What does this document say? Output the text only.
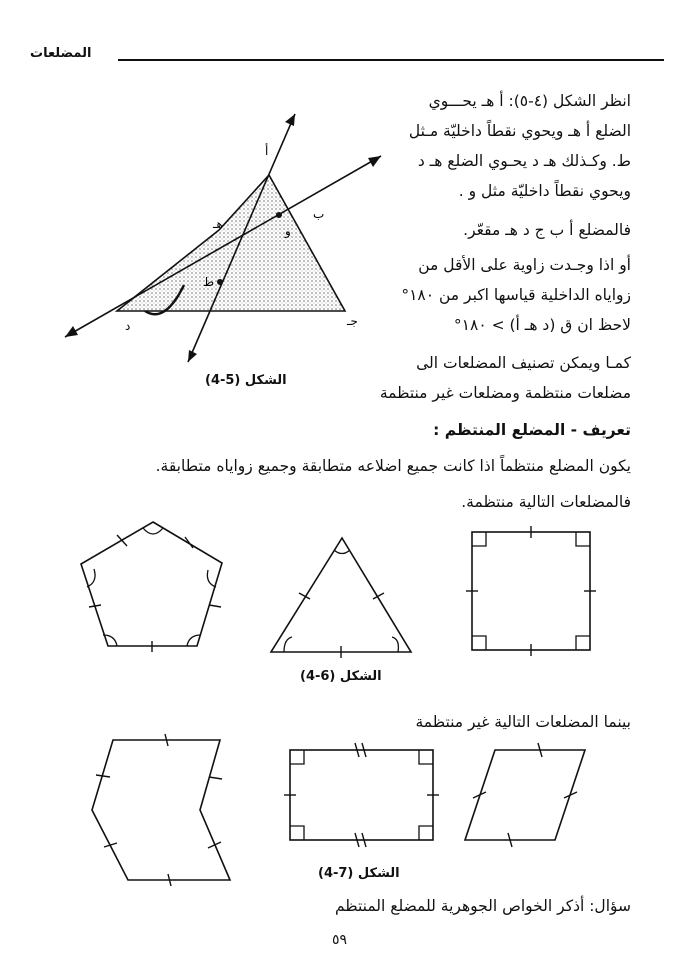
المضلعات
انظر الشكل (٤-٥): أ هـ يحـــوي
الضلع أ هـ ويحوي نقطاً داخليّة مـثل
ط. وكـذلك هـ د يحـوي الضلع هـ د
ويحوي نقطاً داخليّة مثل و .
فالمضلع أ ب ج د هـ مقعّر.
أو اذا وجـدت زاوية على الأقل من
زواياه الداخلية قياسها اكبر من ١٨٠°
لاحظ ان ق (د هـ أ) > ١٨٠°
كمـا ويمكن تصنيف المضلعات الى
مضلعات منتظمة ومضلعات غير منتظمة
تعريف - المضلع المنتظم :
يكون المضلع منتظماً اذا كانت جميع اضلاعه متطابقة وجميع زواياه متطابقة.
فالمضلعات التالية منتظمة.
بينما المضلعات التالية غير منتظمة
سؤال: أذكر الخواص الجوهرية للمضلع المنتظم
٥٩
أ
ب
جـ
د
هـ	و
ط
(4-5) الشكل
(4-6) الشكل
(4-7) الشكل
